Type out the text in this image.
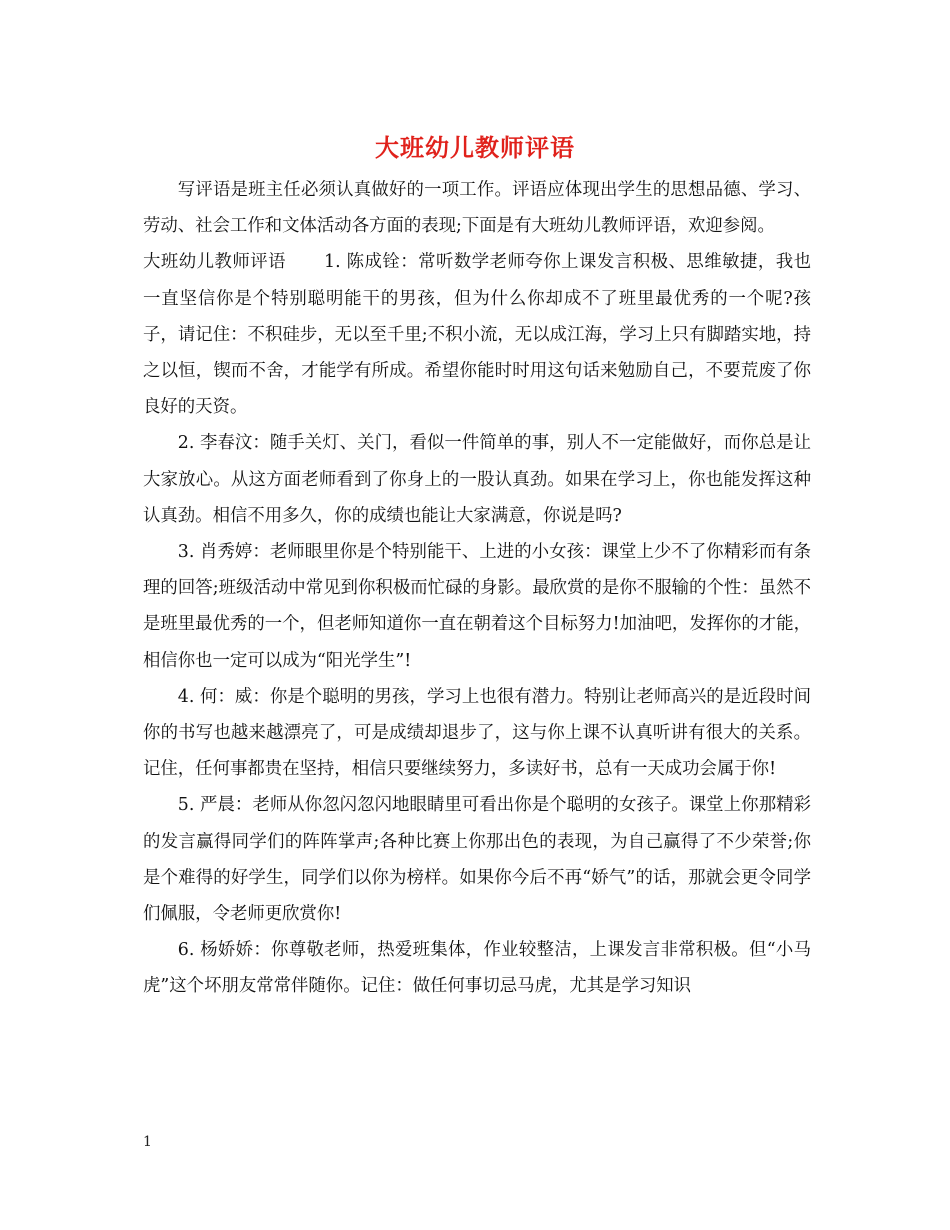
大班幼儿教师评语

写评语是班主任必须认真做好的一项工作。评语应体现出学生的思想品德、学习、劳动、社会工作和文体活动各方面的表现;下面是有大班幼儿教师评语，欢迎参阅。

大班幼儿教师评语 1. 陈成铨：常听数学老师夸你上课发言积极、思维敏捷，我也一直坚信你是个特别聪明能干的男孩，但为什么你却成不了班里最优秀的一个呢?孩子，请记住：不积硅步，无以至千里;不积小流，无以成江海，学习上只有脚踏实地，持之以恒，锲而不舍，才能学有所成。希望你能时时用这句话来勉励自己，不要荒废了你良好的天资。

2. 李春汶：随手关灯、关门，看似一件简单的事，别人不一定能做好，而你总是让大家放心。从这方面老师看到了你身上的一股认真劲。如果在学习上，你也能发挥这种认真劲。相信不用多久，你的成绩也能让大家满意，你说是吗?

3. 肖秀婷：老师眼里你是个特别能干、上进的小女孩：课堂上少不了你精彩而有条理的回答;班级活动中常见到你积极而忙碌的身影。最欣赏的是你不服输的个性：虽然不是班里最优秀的一个，但老师知道你一直在朝着这个目标努力!加油吧，发挥你的才能，相信你也一定可以成为“阳光学生”!

4. 何：威：你是个聪明的男孩，学习上也很有潜力。特别让老师高兴的是近段时间你的书写也越来越漂亮了，可是成绩却退步了，这与你上课不认真听讲有很大的关系。记住，任何事都贵在坚持，相信只要继续努力，多读好书，总有一天成功会属于你!

5. 严晨：老师从你忽闪忽闪地眼睛里可看出你是个聪明的女孩子。课堂上你那精彩的发言赢得同学们的阵阵掌声;各种比赛上你那出色的表现，为自己赢得了不少荣誉;你是个难得的好学生，同学们以你为榜样。如果你今后不再“娇气”的话，那就会更令同学们佩服，令老师更欣赏你!

6. 杨娇娇：你尊敬老师，热爱班集体，作业较整洁，上课发言非常积极。但“小马虎”这个坏朋友常常伴随你。记住：做任何事切忌马虎，尤其是学习知识

1
